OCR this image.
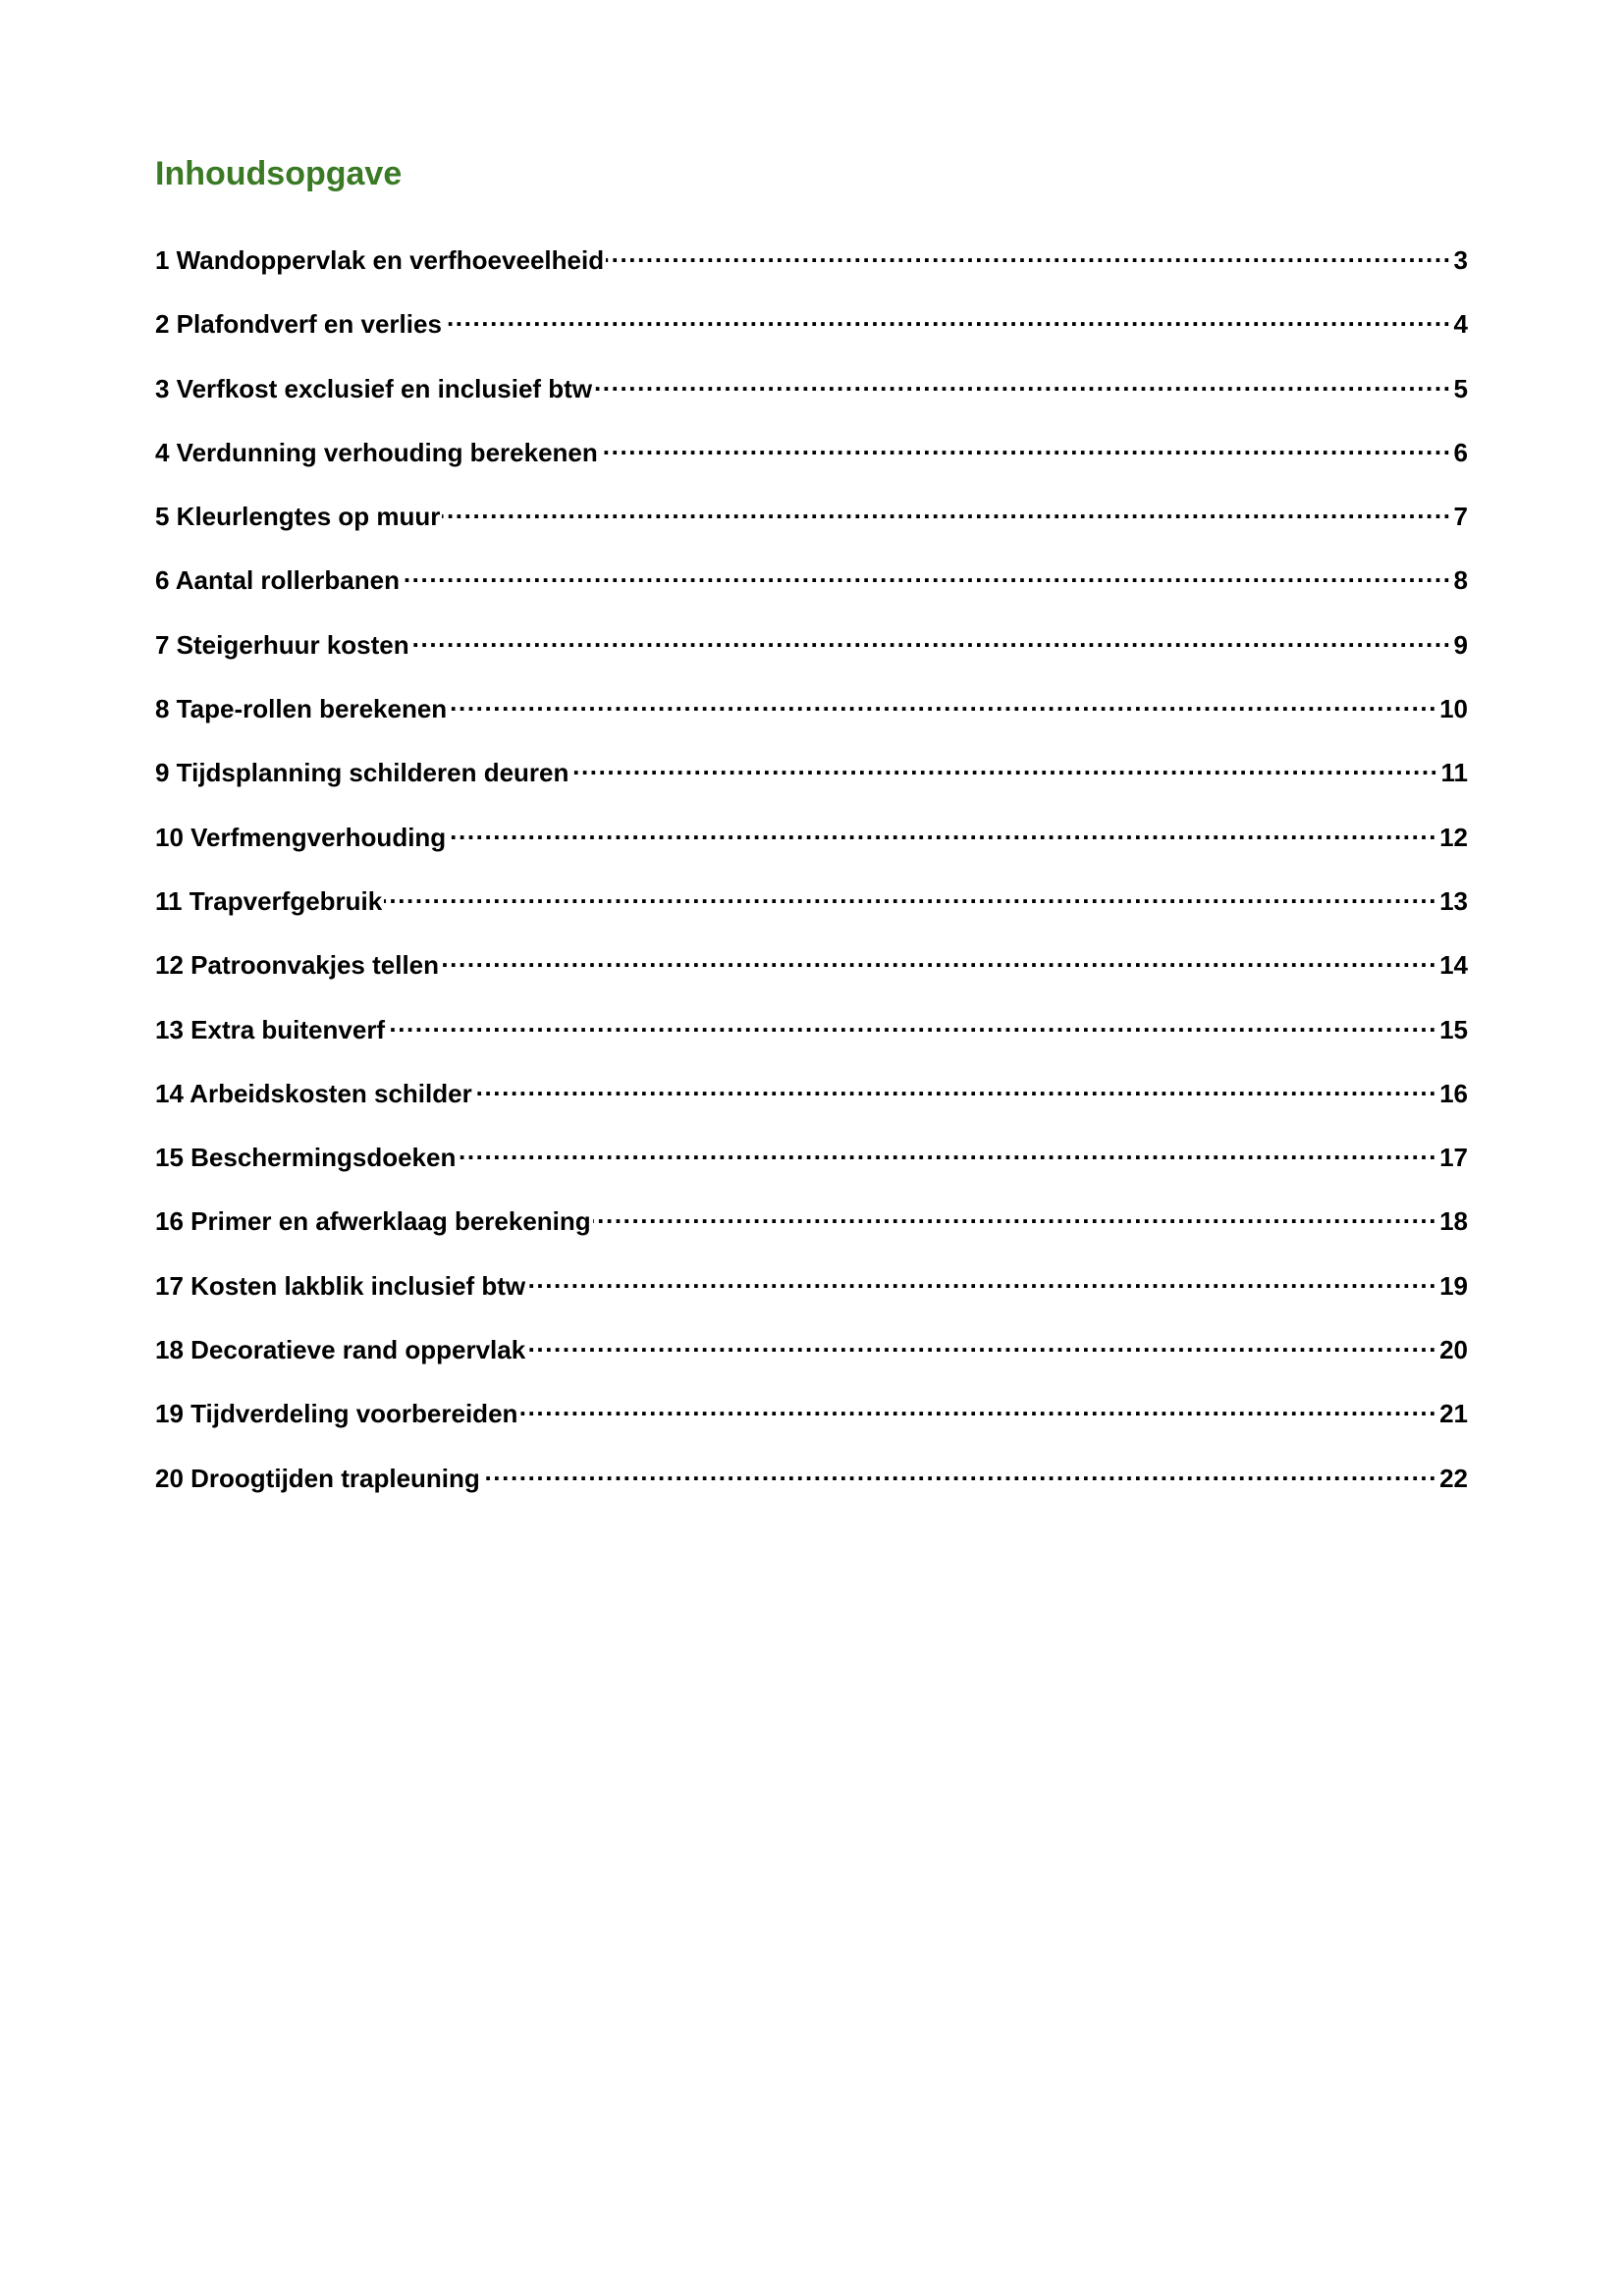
Inhoudsopgave
1 Wandoppervlak en verfhoeveelheid .....	3
2 Plafondverf en verlies .....	4
3 Verfkost exclusief en inclusief btw .....	5
4 Verdunning verhouding berekenen .....	6
5 Kleurlengtes op muur .....	7
6 Aantal rollerbanen .....	8
7 Steigerhuur kosten .....	9
8 Tape-rollen berekenen .....	10
9 Tijdsplanning schilderen deuren .....	11
10 Verfmengverhouding .....	12
11 Trapverfgebruik .....	13
12 Patroonvakjes tellen .....	14
13 Extra buitenverf .....	15
14 Arbeidskosten schilder .....	16
15 Beschermingsdoeken .....	17
16 Primer en afwerklaag berekening .....	18
17 Kosten lakblik inclusief btw .....	19
18 Decoratieve rand oppervlak .....	20
19 Tijdverdeling voorbereiden .....	21
20 Droogtijden trapleuning .....	22
